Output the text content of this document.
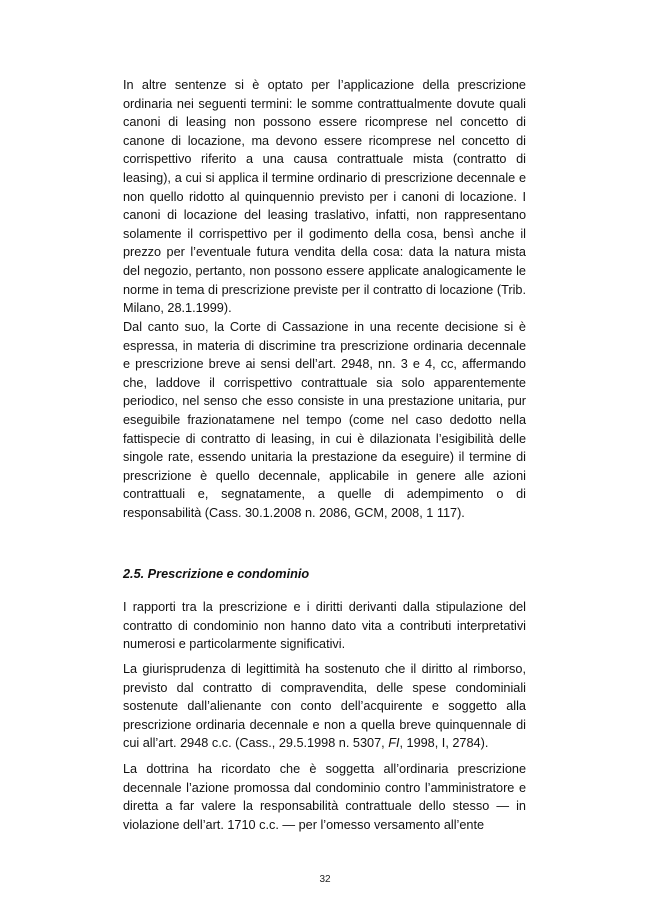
In altre sentenze si è optato per l’applicazione della prescrizione ordinaria nei seguenti termini: le somme contrattualmente dovute quali canoni di leasing non possono essere ricomprese nel concetto di canone di locazione, ma devono essere ricomprese nel concetto di corrispettivo riferito a una causa contrattuale mista (contratto di leasing), a cui si applica il termine ordinario di prescrizione decennale e non quello ridotto al quinquennio previsto per i canoni di locazione. I canoni di locazione del leasing traslativo, infatti, non rappresentano solamente il corrispettivo per il godimento della cosa, bensì anche il prezzo per l’eventuale futura vendita della cosa: data la natura mista del negozio, pertanto, non possono essere applicate analogicamente le norme in tema di prescrizione previste per il contratto di locazione (Trib. Milano, 28.1.1999).

Dal canto suo, la Corte di Cassazione in una recente decisione si è espressa, in materia di discrimine tra prescrizione ordinaria decennale e prescrizione breve ai sensi dell’art. 2948, nn. 3 e 4, cc, affermando che, laddove il corrispettivo contrattuale sia solo apparentemente periodico, nel senso che esso consiste in una prestazione unitaria, pur eseguibile frazionatamene nel tempo (come nel caso dedotto nella fattispecie di contratto di leasing, in cui è dilazionata l’esigibilità delle singole rate, essendo unitaria la prestazione da eseguire) il termine di prescrizione è quello decennale, applicabile in genere alle azioni contrattuali e, segnatamente, a quelle di adempimento o di responsabilità (Cass. 30.1.2008 n. 2086, GCM, 2008, 1 117).

2.5. Prescrizione e condominio

I rapporti tra la prescrizione e i diritti derivanti dalla stipulazione del contratto di condominio non hanno dato vita a contributi interpretativi numerosi e particolarmente significativi.

La giurisprudenza di legittimità ha sostenuto che il diritto al rimborso, previsto dal contratto di compravendita, delle spese condominiali sostenute dall’alienante con conto dell’acquirente e soggetto alla prescrizione ordinaria decennale e non a quella breve quinquennale di cui all’art. 2948 c.c. (Cass., 29.5.1998 n. 5307, FI, 1998, I, 2784).

La dottrina ha ricordato che è soggetta all’ordinaria prescrizione decennale l’azione promossa dal condominio contro l’amministratore e diretta a far valere la responsabilità contrattuale dello stesso — in violazione dell’art. 1710 c.c. — per l’omesso versamento all’ente

32
